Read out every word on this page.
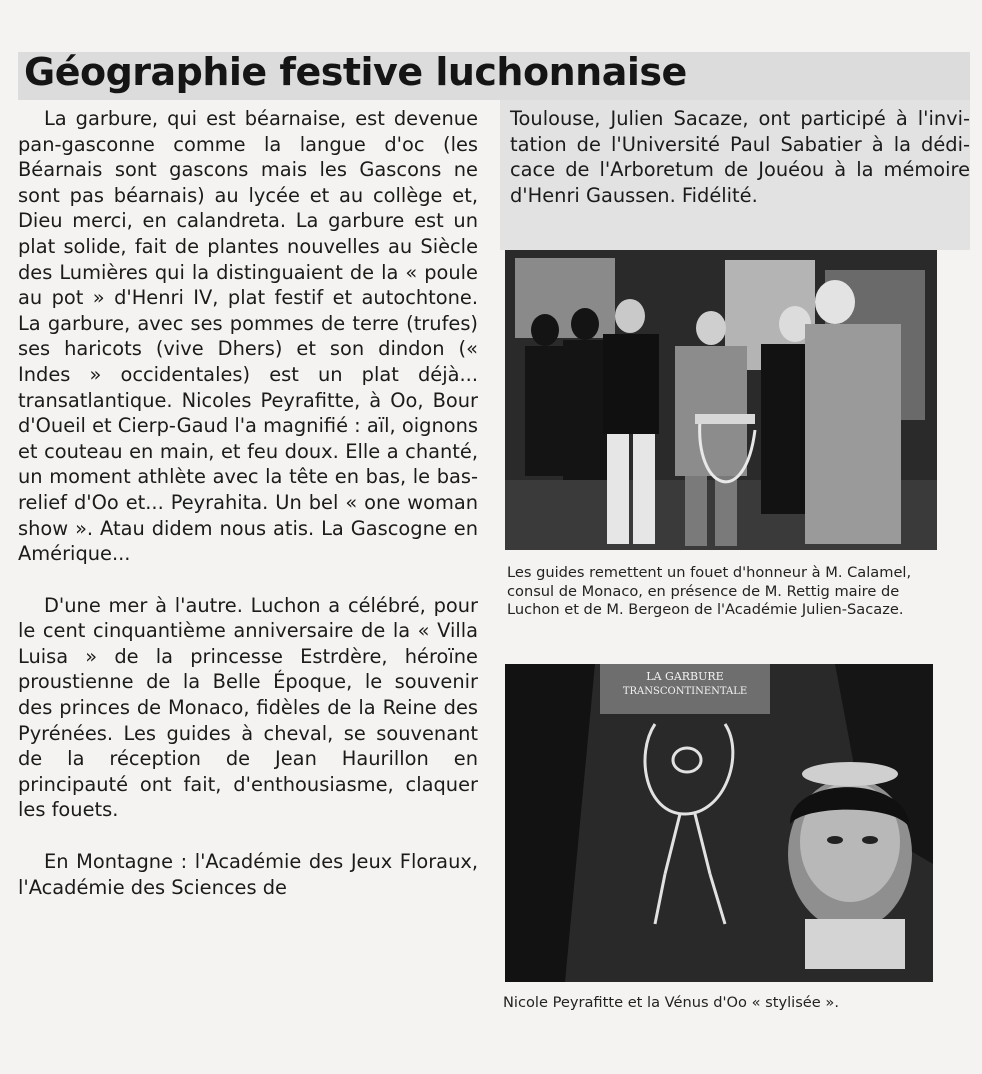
Géographie festive luchonnaise

La garbure, qui est béarnaise, est devenue pan-gasconne comme la langue d'oc (les Béarnais sont gascons mais les Gascons ne sont pas béarnais) au lycée et au collège et, Dieu merci, en calandreta. La garbure est un plat solide, fait de plantes nouvelles au Siècle des Lumières qui la distinguaient de la « poule au pot » d'Henri IV, plat festif et autochtone. La garbure, avec ses pommes de terre (trufes) ses haricots (vive Dhers) et son dindon (« Indes » occidentales) est un plat déjà... transatlantique. Nicoles Peyrafitte, à Oo, Bour d'Oueil et Cierp-Gaud l'a magnifié : aïl, oignons et couteau en main, et feu doux. Elle a chanté, un moment athlète avec la tête en bas, le bas-relief d'Oo et... Peyrahita. Un bel « one woman show ». Atau didem nous atis. La Gascogne en Amérique...

D'une mer à l'autre. Luchon a célébré, pour le cent cinquantième anniversaire de la « Villa Luisa » de la princesse Estrdère, héroïne proustienne de la Belle Époque, le souvenir des princes de Monaco, fidèles de la Reine des Pyrénées. Les guides à cheval, se souvenant de la réception de Jean Haurillon en principauté ont fait, d'enthousiasme, claquer les fouets.

En Montagne : l'Académie des Jeux Floraux, l'Académie des Sciences de

Toulouse, Julien Sacaze, ont participé à l'invitation de l'Université Paul Sabatier à la dédicace de l'Arboretum de Jouéou à la mémoire d'Henri Gaussen. Fidélité.

Les guides remettent un fouet d'honneur à M. Calamel, consul de Monaco, en présence de M. Rettig maire de Luchon et de M. Bergeon de l'Académie Julien-Sacaze.

LA GARBURE
TRANSCONTINENTALE

Nicole Peyrafitte et la Vénus d'Oo « stylisée ».
